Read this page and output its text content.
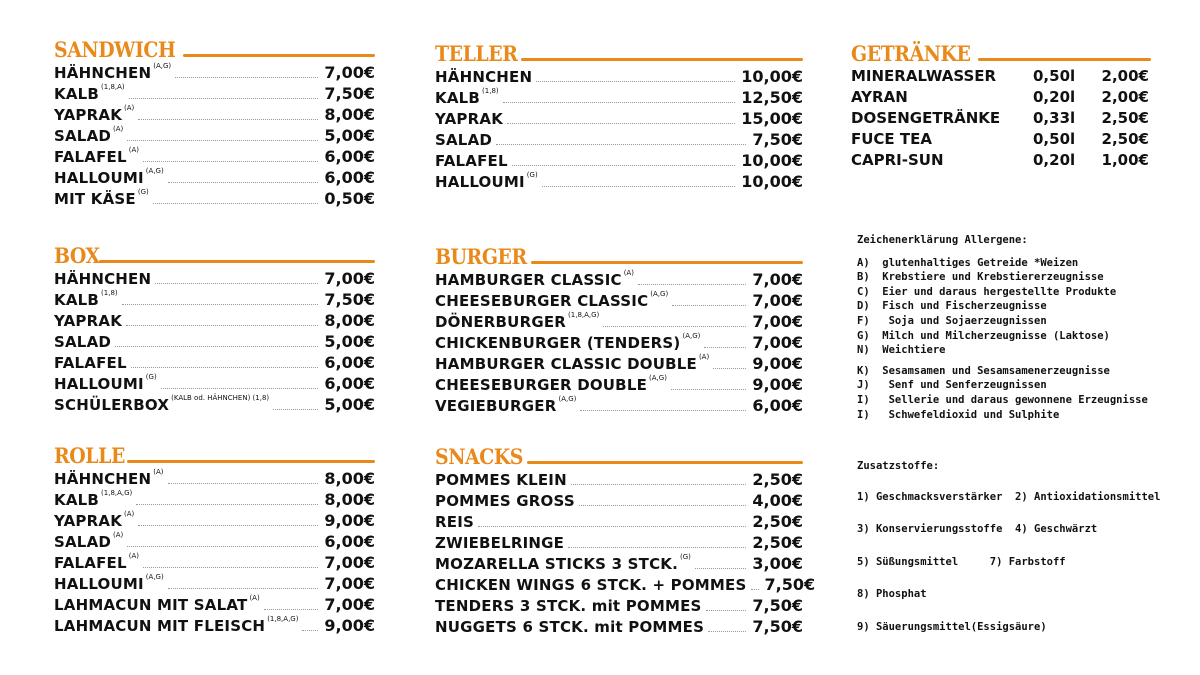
SANDWICH
HÄHNCHEN (A,G)	7,00€
KALB (1,8,A)	7,50€
YAPRAK (A)	8,00€
SALAD (A)	5,00€
FALAFEL (A)	6,00€
HALLOUMI (A,G)	6,00€
MIT KÄSE (G)	0,50€
BOX
HÄHNCHEN	7,00€
KALB (1,8)	7,50€
YAPRAK	8,00€
SALAD	5,00€
FALAFEL	6,00€
HALLOUMI (G)	6,00€
SCHÜLERBOX (KALB od. HÄHNCHEN) (1,8)	5,00€
ROLLE
HÄHNCHEN (A)	8,00€
KALB (1,8,A,G)	8,00€
YAPRAK (A)	9,00€
SALAD (A)	6,00€
FALAFEL (A)	7,00€
HALLOUMI (A,G)	7,00€
LAHMACUN MIT SALAT (A)	7,00€
LAHMACUN MIT FLEISCH (1,8,A,G) 9,00€
TELLER
HÄHNCHEN	10,00€
KALB (1,8)	12,50€
YAPRAK	15,00€
SALAD	7,50€
FALAFEL	10,00€
HALLOUMI (G)	10,00€
BURGER
HAMBURGER CLASSIC (A)	7,00€
CHEESEBURGER CLASSIC (A,G)	7,00€
DÖNERBURGER (1,8,A,G)	7,00€
CHICKENBURGER (TENDERS) (A,G)	7,00€
HAMBURGER CLASSIC DOUBLE (A)	9,00€
CHEESEBURGER DOUBLE (A,G)	9,00€
VEGIEBURGER (A,G)	6,00€
SNACKS
POMMES KLEIN	2,50€
POMMES GROSS	4,00€
REIS	2,50€
ZWIEBELRINGE	2,50€
MOZARELLA STICKS 3 STCK. (G)	3,00€
CHICKEN WINGS 6 STCK. + POMMES 7,50€
TENDERS 3 STCK. mit POMMES	7,50€
NUGGETS 6 STCK. mit POMMES	7,50€
GETRÄNKE
MINERALWASSER	0,50l	2,00€
AYRAN	0,20l	2,00€
DOSENGETRÄNKE	0,33l	2,50€
FUCE TEA	0,50l	2,50€
CAPRI-SUN	0,20l	1,00€
Zeichenerklärung Allergene:
A)  glutenhaltiges Getreide *Weizen
B)  Krebstiere und Krebstiererzeugnisse
C)  Eier und daraus hergestellte Produkte
D)  Fisch und Fischerzeugnisse
F)   Soja und Sojaerzeugnissen
G)  Milch und Milcherzeugnisse (Laktose)
N)  Weichtiere
K)  Sesamsamen und Sesamsamenerzeugnisse
J)   Senf und Senferzeugnissen
I)   Sellerie und daraus gewonnene Erzeugnisse
I)   Schwefeldioxid und Sulphite
Zusatzstoffe:
1) Geschmacksverstärker  2) Antioxidationsmittel
3) Konservierungsstoffe  4) Geschwärzt
5) Süßungsmittel     7) Farbstoff
8) Phosphat
9) Säuerungsmittel(Essigsäure)
